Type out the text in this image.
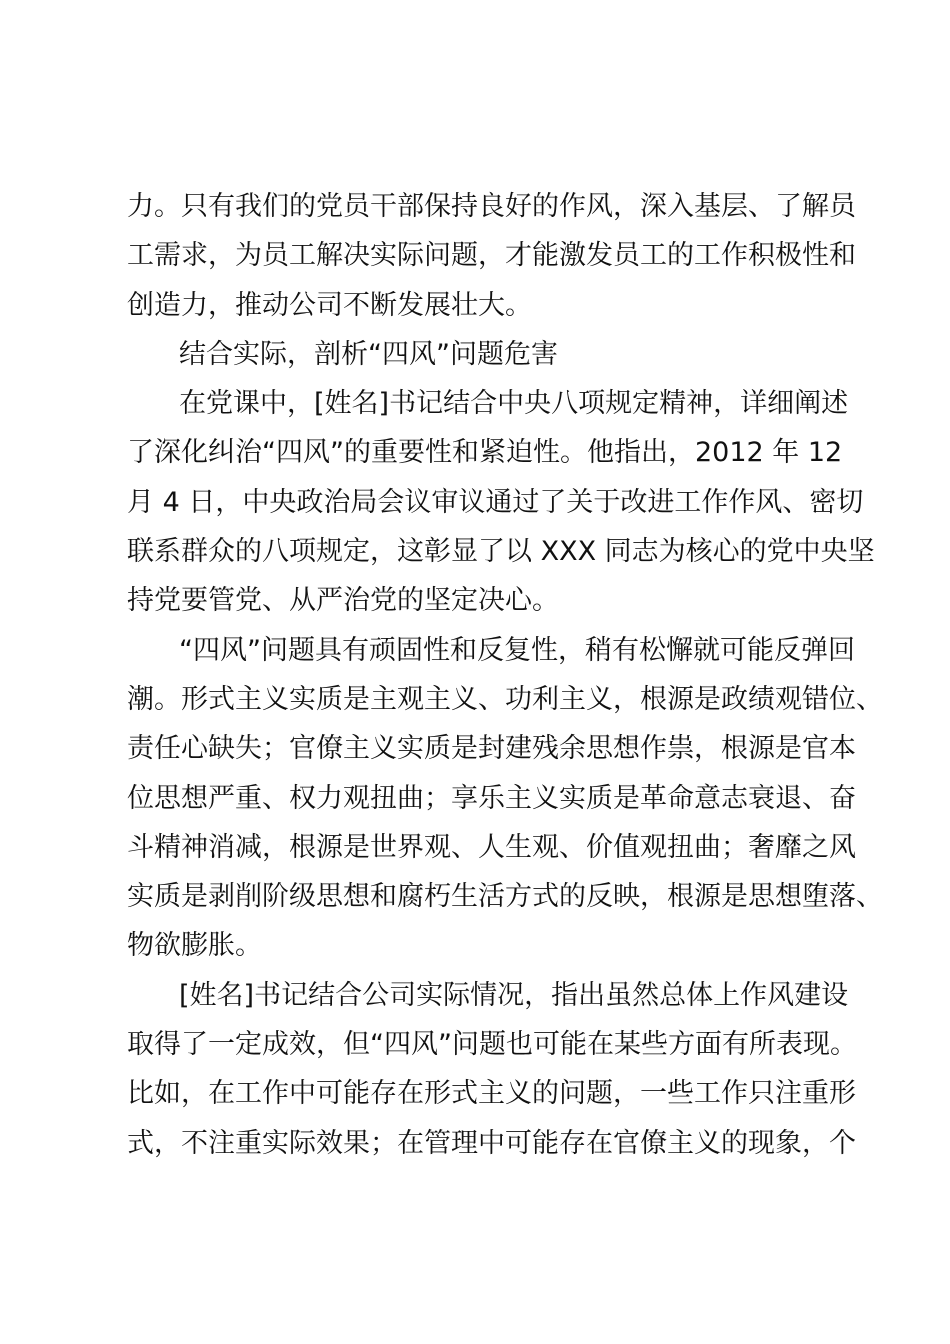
力。只有我们的党员干部保持良好的作风，深入基层、了解员
工需求，为员工解决实际问题，才能激发员工的工作积极性和
创造力，推动公司不断发展壮大。
结合实际，剖析“四风”问题危害
在党课中，[姓名]书记结合中央八项规定精神，详细阐述
了深化纠治“四风”的重要性和紧迫性。他指出，2012 年 12
月 4 日，中央政治局会议审议通过了关于改进工作作风、密切
联系群众的八项规定，这彰显了以 XXX 同志为核心的党中央坚
持党要管党、从严治党的坚定决心。
“四风”问题具有顽固性和反复性，稍有松懈就可能反弹回
潮。形式主义实质是主观主义、功利主义，根源是政绩观错位、
责任心缺失；官僚主义实质是封建残余思想作祟，根源是官本
位思想严重、权力观扭曲；享乐主义实质是革命意志衰退、奋
斗精神消减，根源是世界观、人生观、价值观扭曲；奢靡之风
实质是剥削阶级思想和腐朽生活方式的反映，根源是思想堕落、
物欲膨胀。
[姓名]书记结合公司实际情况，指出虽然总体上作风建设
取得了一定成效，但“四风”问题也可能在某些方面有所表现。
比如，在工作中可能存在形式主义的问题，一些工作只注重形
式，不注重实际效果；在管理中可能存在官僚主义的现象，个
